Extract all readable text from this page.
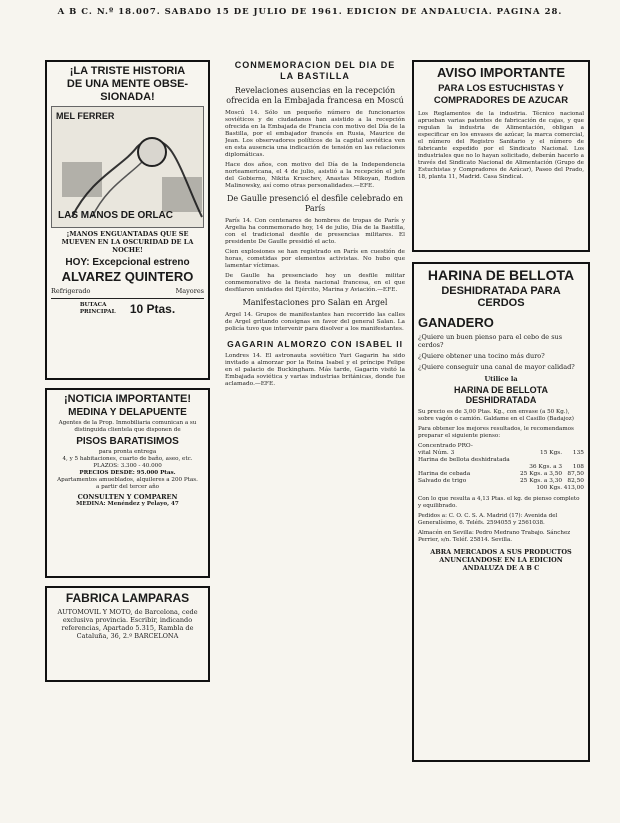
A B C. N.º 18.007. SABADO 15 DE JULIO DE 1961. EDICION DE ANDALUCIA. PAGINA 28.
¡LA TRISTE HISTORIA
DE UNA MENTE OBSE-
SIONADA!
MEL FERRER
LAS MANOS DE ORLAC
¡MANOS ENGUANTADAS QUE SE MUEVEN EN LA OSCURIDAD DE LA NOCHE!
HOY: Excepcional estreno
ALVAREZ QUINTERO
Refrigerado	Mayores
BUTACA PRINCIPAL	10 Ptas.
¡NOTICIA IMPORTANTE!
MEDINA Y DELAPUENTE
Agentes de la Prop. Inmobiliaria comunican a su distinguida clientela que disponen de
PISOS BARATISIMOS
para pronta entrega
4, y 5 habitaciones, cuarto de baño, aseo, etc. PLAZOS: 3.300 - 40.000
PRECIOS DESDE: 95.000 Ptas.
Apartamentos amueblados, alquileres a 200 Ptas.
a partir del tercer año
CONSULTEN Y COMPAREN
MEDINA: Menéndez y Pelayo, 47
FABRICA LAMPARAS
AUTOMOVIL Y MOTO, de Barcelona, cede exclusiva provincia. Escribir, indicando referencias, Apartado 5.315, Rambla de Cataluña, 36, 2.º BARCELONA
CONMEMORACION DEL DIA DE
LA BASTILLA
Revelaciones ausencias en la recepción ofrecida en la Embajada francesa en Moscú
Moscú 14. Sólo un pequeño número de funcionarios soviéticos y de ciudadanos han asistido a la recepción ofrecida en la Embajada de Francia con motivo del Día de la Bastilla, por el embajador francés en Rusia, Maurice de Jean. Los observadores políticos de la capital soviética ven en esta ausencia una indicación de tensión en las relaciones diplomáticas.
Hace dos años, con motivo del Día de la Independencia norteamericana, el 4 de julio, asistió a la recepción el jefe del Gobierno, Nikita Kruschev, Anastas Mikoyan, Rodion Malinowsky, así como otras personalidades.—EFE.
De Gaulle presenció el desfile celebrado en París
París 14. Con centenares de hombres de tropas de París y Argelia ha conmemorado hoy, 14 de julio, Día de la Bastilla, con el tradicional desfile de presencias militares. El presidente De Gaulle presidió el acto.
Cien explosiones se han registrado en París en cuestión de horas, cometidas por elementos activistas. No hubo que lamentar víctimas.
De Gaulle ha presenciado hoy un desfile militar conmemorativo de la fiesta nacional francesa, en el que desfilaron unidades del Ejército, Marina y Aviación.—EFE.
Manifestaciones pro Salan en Argel
Argel 14. Grupos de manifestantes han recorrido las calles de Argel gritando consignas en favor del general Salan. La policía tuvo que intervenir para disolver a los manifestantes.
GAGARIN ALMORZO CON ISABEL II
Londres 14. El astronauta soviético Yuri Gagarin ha sido invitado a almorzar por la Reina Isabel y el príncipe Felipe en el palacio de Buckingham. Más tarde, Gagarin visitó la Embajada soviética y varias industrias británicas, donde fue aclamado.—EFE.
AVISO IMPORTANTE
PARA LOS ESTUCHISTAS Y COMPRADORES DE AZUCAR
Los Reglamentos de la industria. Técnico nacional aprueban varias patentes de fabricación de cajas, y que regulan la industria de Alimentación, obligan a especificar en los envases de azúcar, la marca comercial, el número del Registro Sanitario y el número de fabricante expedido por el Sindicato Nacional. Los industriales que no lo hayan solicitado, deberán hacerlo a través del Sindicato Nacional de Alimentación (Grupo de Estuchistas y Compradores de Azúcar), Paseo del Prado, 18, planta 11, Madrid. Casa Sindical.
HARINA DE BELLOTA
DESHIDRATADA PARA CERDOS
GANADERO
¿Quiere un buen pienso para el cebo de sus cerdos?
¿Quiere obtener una tocino más duro?
¿Quiere conseguir una canal de mayor calidad?
Utilice la
HARINA DE BELLOTA DESHIDRATADA
Su precio es de 3,00 Ptas. Kg., con envase (a 50 Kg.), sobre vagón o camión. Galdame en el Casillo (Badajoz)
Para obtener los mejores resultados, le recomendamos preparar el siguiente pienso:
Concentrado PRO-		
vital Núm. 3	15 Kgs.	135
Harina de bellota deshidratada		
	36 Kgs. a 3	108
Harina de cebada	25 Kgs. a 3,50	87,50
Salvado de trigo	25 Kgs. a 3,30	82,50
	100 Kgs.	413,00
Con lo que resulta a 4,13 Ptas. el kg. de pienso completo y equilibrado.
Pedidos a: C. O. C. S. A. Madrid (17): Avenida del Generalísimo, 6. Teléfs. 2594055 y 2561038.
Almacén en Sevilla: Pedro Medrano Trabajo. Sánchez Perrier, s/n. Teléf. 25814. Sevilla.
ABRA MERCADOS A SUS PRODUCTOS ANUNCIANDOSE EN LA EDICION ANDALUZA DE A B C
